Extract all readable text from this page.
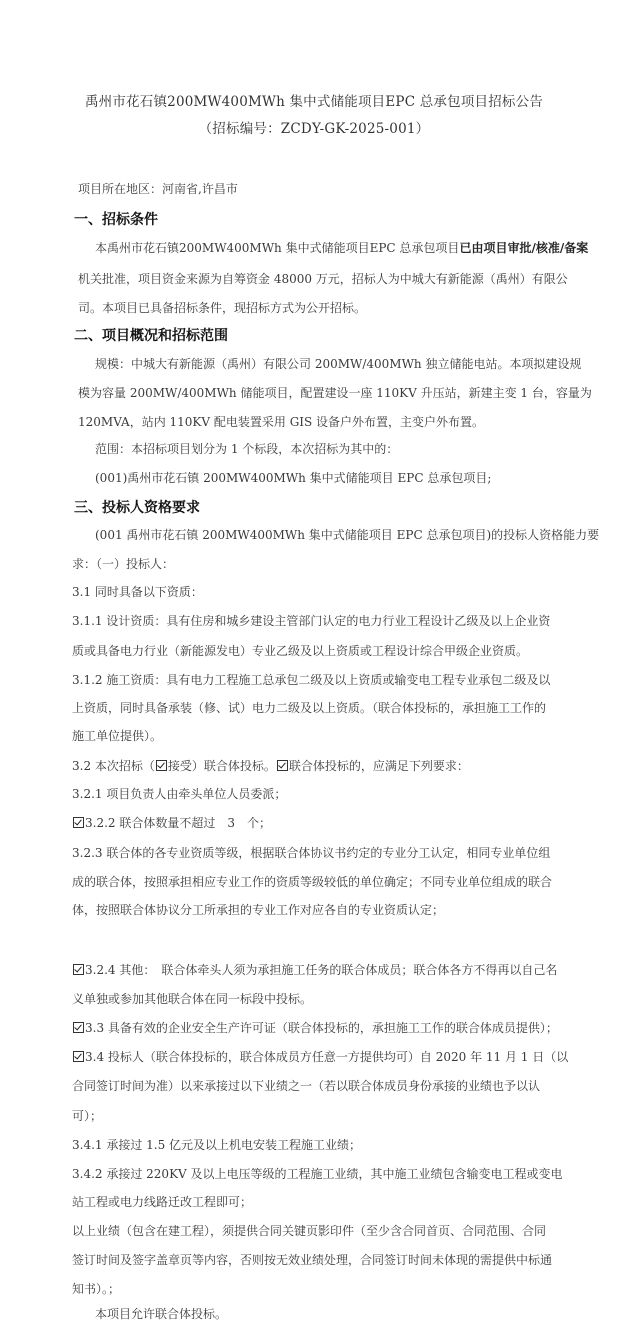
禹州市花石镇200MW400MWh 集中式储能项目EPC 总承包项目招标公告
（招标编号：ZCDY-GK-2025-001）
项目所在地区：河南省,许昌市
一、招标条件
本禹州市花石镇200MW400MWh 集中式储能项目EPC 总承包项目已由项目审批/核准/备案
机关批准，项目资金来源为自筹资金 48000 万元，招标人为中城大有新能源（禹州）有限公
司。本项目已具备招标条件，现招标方式为公开招标。
二、项目概况和招标范围
规模：中城大有新能源（禹州）有限公司 200MW/400MWh 独立储能电站。本项拟建设规
模为容量 200MW/400MWh 储能项目，配置建设一座 110KV 升压站，新建主变 1 台，容量为
120MVA，站内 110KV 配电装置采用 GIS 设备户外布置，主变户外布置。
范围：本招标项目划分为 1 个标段，本次招标为其中的：
(001)禹州市花石镇 200MW400MWh 集中式储能项目 EPC 总承包项目;
三、投标人资格要求
(001 禹州市花石镇 200MW400MWh 集中式储能项目 EPC 总承包项目)的投标人资格能力要
求：（一）投标人：
3.1 同时具备以下资质：
3.1.1 设计资质：具有住房和城乡建设主管部门认定的电力行业工程设计乙级及以上企业资
质或具备电力行业（新能源发电）专业乙级及以上资质或工程设计综合甲级企业资质。
3.1.2 施工资质：具有电力工程施工总承包二级及以上资质或输变电工程专业承包二级及以
上资质，同时具备承装（修、试）电力二级及以上资质。（联合体投标的，承担施工工作的
施工单位提供）。
3.2 本次招标（ 接受）联合体投标。 联合体投标的，应满足下列要求：
3.2.1 项目负责人由牵头单位人员委派；
3.2.2 联合体数量不超过　3　个；
3.2.3 联合体的各专业资质等级，根据联合体协议书约定的专业分工认定，相同专业单位组
成的联合体，按照承担相应专业工作的资质等级较低的单位确定；不同专业单位组成的联合
体，按照联合体协议分工所承担的专业工作对应各自的专业资质认定；
3.2.4 其他：　联合体牵头人须为承担施工任务的联合体成员；联合体各方不得再以自己名
义单独或参加其他联合体在同一标段中投标。
3.3 具备有效的企业安全生产许可证（联合体投标的，承担施工工作的联合体成员提供）；
3.4 投标人（联合体投标的，联合体成员方任意一方提供均可）自 2020 年 11 月 1 日（以
合同签订时间为准）以来承接过以下业绩之一（若以联合体成员身份承接的业绩也予以认
可）；
3.4.1 承接过 1.5 亿元及以上机电安装工程施工业绩；
3.4.2 承接过 220KV 及以上电压等级的工程施工业绩，其中施工业绩包含输变电工程或变电
站工程或电力线路迁改工程即可；
以上业绩（包含在建工程），须提供合同关键页影印件（至少含合同首页、合同范围、合同
签订时间及签字盖章页等内容，否则按无效业绩处理，合同签订时间未体现的需提供中标通
知书）。；
本项目允许联合体投标。
